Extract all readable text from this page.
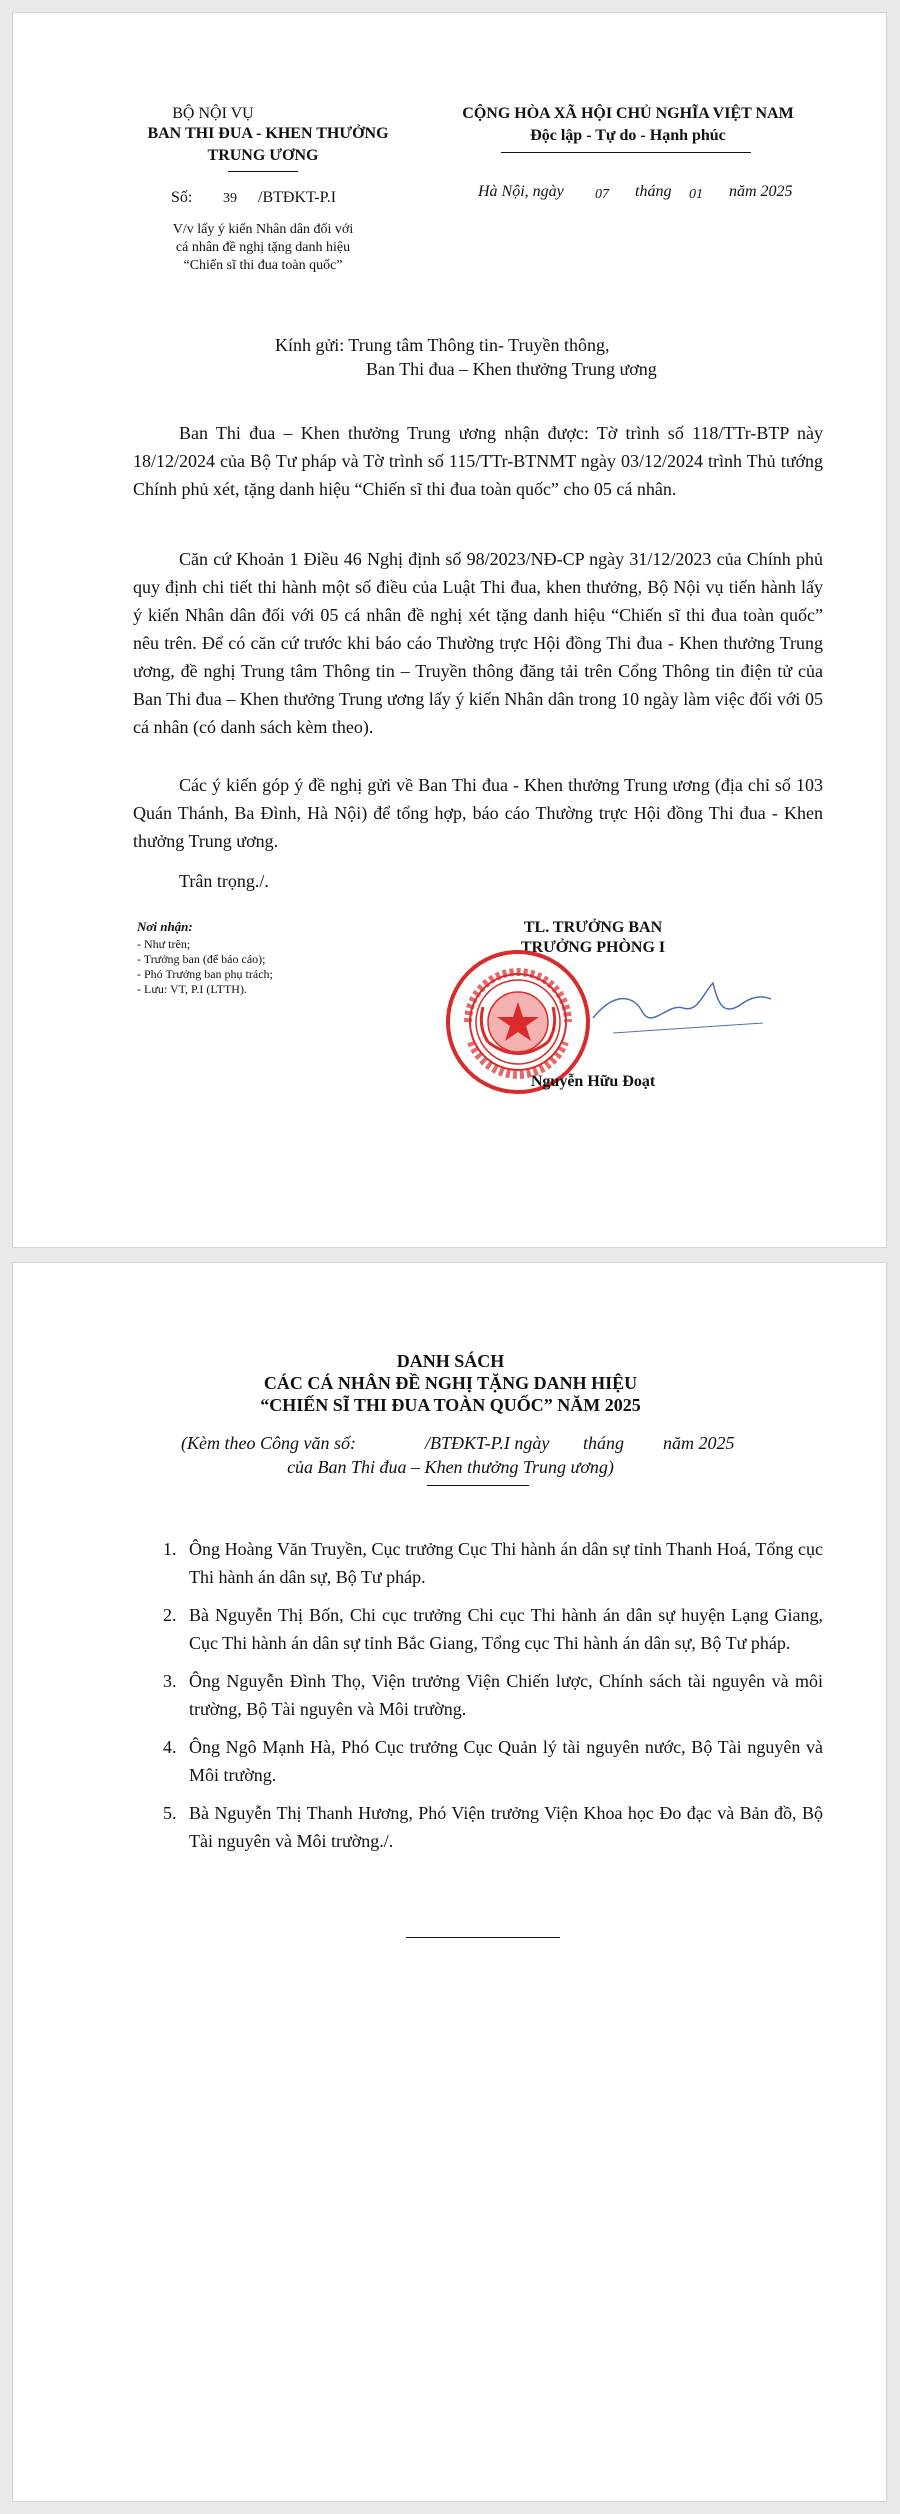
BỘ NỘI VỤ
BAN THI ĐUA - KHEN THƯỞNG
TRUNG ƯƠNG
Số: 39 /BTĐKT-P.I
V/v lấy ý kiến Nhân dân đối với
cá nhân đề nghị tặng danh hiệu
“Chiến sĩ thi đua toàn quốc”
CỘNG HÒA XÃ HỘI CHỦ NGHĨA VIỆT NAM
Độc lập - Tự do - Hạnh phúc
Hà Nội, ngày 07 tháng 01 năm 2025
Kính gửi: Trung tâm Thông tin- Truyền thông,
Ban Thi đua – Khen thưởng Trung ương
Ban Thi đua – Khen thưởng Trung ương nhận được: Tờ trình số 118/TTr-BTP này 18/12/2024 của Bộ Tư pháp và Tờ trình số 115/TTr-BTNMT ngày 03/12/2024 trình Thủ tướng Chính phủ xét, tặng danh hiệu “Chiến sĩ thi đua toàn quốc” cho 05 cá nhân.
Căn cứ Khoản 1 Điều 46 Nghị định số 98/2023/NĐ-CP ngày 31/12/2023 của Chính phủ quy định chi tiết thi hành một số điều của Luật Thi đua, khen thưởng, Bộ Nội vụ tiến hành lấy ý kiến Nhân dân đối với 05 cá nhân đề nghị xét tặng danh hiệu “Chiến sĩ thi đua toàn quốc” nêu trên. Để có căn cứ trước khi báo cáo Thường trực Hội đồng Thi đua - Khen thưởng Trung ương, đề nghị Trung tâm Thông tin – Truyền thông đăng tải trên Cổng Thông tin điện tử của Ban Thi đua – Khen thưởng Trung ương lấy ý kiến Nhân dân trong 10 ngày làm việc đối với 05 cá nhân (có danh sách kèm theo).
Các ý kiến góp ý đề nghị gửi về Ban Thi đua - Khen thưởng Trung ương (địa chỉ số 103 Quán Thánh, Ba Đình, Hà Nội) để tổng hợp, báo cáo Thường trực Hội đồng Thi đua - Khen thưởng Trung ương.
Trân trọng./.
Nơi nhận:
- Như trên;
- Trưởng ban (để báo cáo);
- Phó Trưởng ban phụ trách;
- Lưu: VT, P.I (LTTH).
TL. TRƯỞNG BAN
TRƯỞNG PHÒNG I
Nguyễn Hữu Đoạt
DANH SÁCH
CÁC CÁ NHÂN ĐỀ NGHỊ TẶNG DANH HIỆU
“CHIẾN SĨ THI ĐUA TOÀN QUỐC” NĂM 2025
(Kèm theo Công văn số:	/BTĐKT-P.I ngày tháng năm 2025
của Ban Thi đua – Khen thưởng Trung ương)
1. Ông Hoàng Văn Truyền, Cục trưởng Cục Thi hành án dân sự tỉnh Thanh Hoá, Tổng cục Thi hành án dân sự, Bộ Tư pháp.
2. Bà Nguyễn Thị Bốn, Chi cục trưởng Chi cục Thi hành án dân sự huyện Lạng Giang, Cục Thi hành án dân sự tỉnh Bắc Giang, Tổng cục Thi hành án dân sự, Bộ Tư pháp.
3. Ông Nguyễn Đình Thọ, Viện trưởng Viện Chiến lược, Chính sách tài nguyên và môi trường, Bộ Tài nguyên và Môi trường.
4. Ông Ngô Mạnh Hà, Phó Cục trưởng Cục Quản lý tài nguyên nước, Bộ Tài nguyên và Môi trường.
5. Bà Nguyễn Thị Thanh Hương, Phó Viện trưởng Viện Khoa học Đo đạc và Bản đồ, Bộ Tài nguyên và Môi trường./.
